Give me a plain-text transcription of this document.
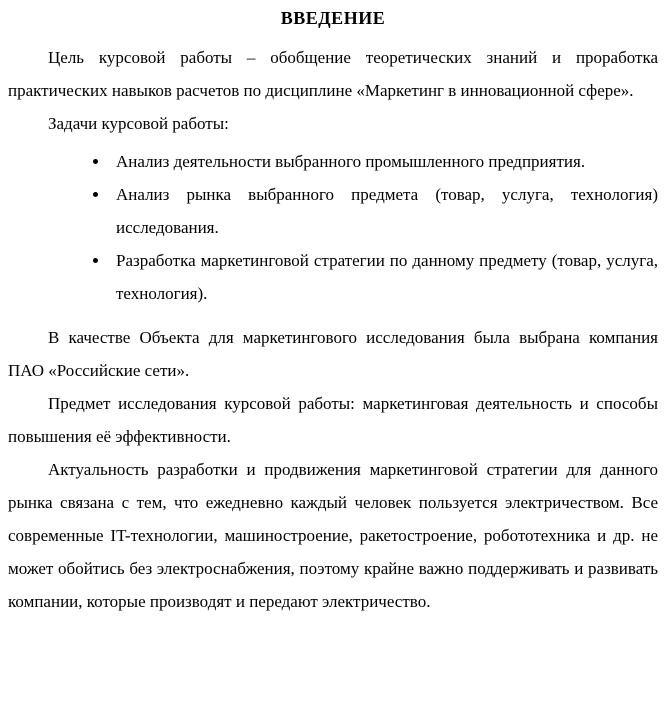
ВВЕДЕНИЕ

Цель курсовой работы – обобщение теоретических знаний и проработка практических навыков расчетов по дисциплине «Маркетинг в инновационной сфере».

Задачи курсовой работы:

• Анализ деятельности выбранного промышленного предприятия.
• Анализ рынка выбранного предмета (товар, услуга, технология) исследования.
• Разработка маркетинговой стратегии по данному предмету (товар, услуга, технология).

В качестве Объекта для маркетингового исследования была выбрана компания ПАО «Российские сети».

Предмет исследования курсовой работы: маркетинговая деятельность и способы повышения её эффективности.

Актуальность разработки и продвижения маркетинговой стратегии для данного рынка связана с тем, что ежедневно каждый человек пользуется электричеством. Все современные IT-технологии, машиностроение, ракетостроение, робототехника и др. не может обойтись без электроснабжения, поэтому крайне важно поддерживать и развивать компании, которые производят и передают электричество.
